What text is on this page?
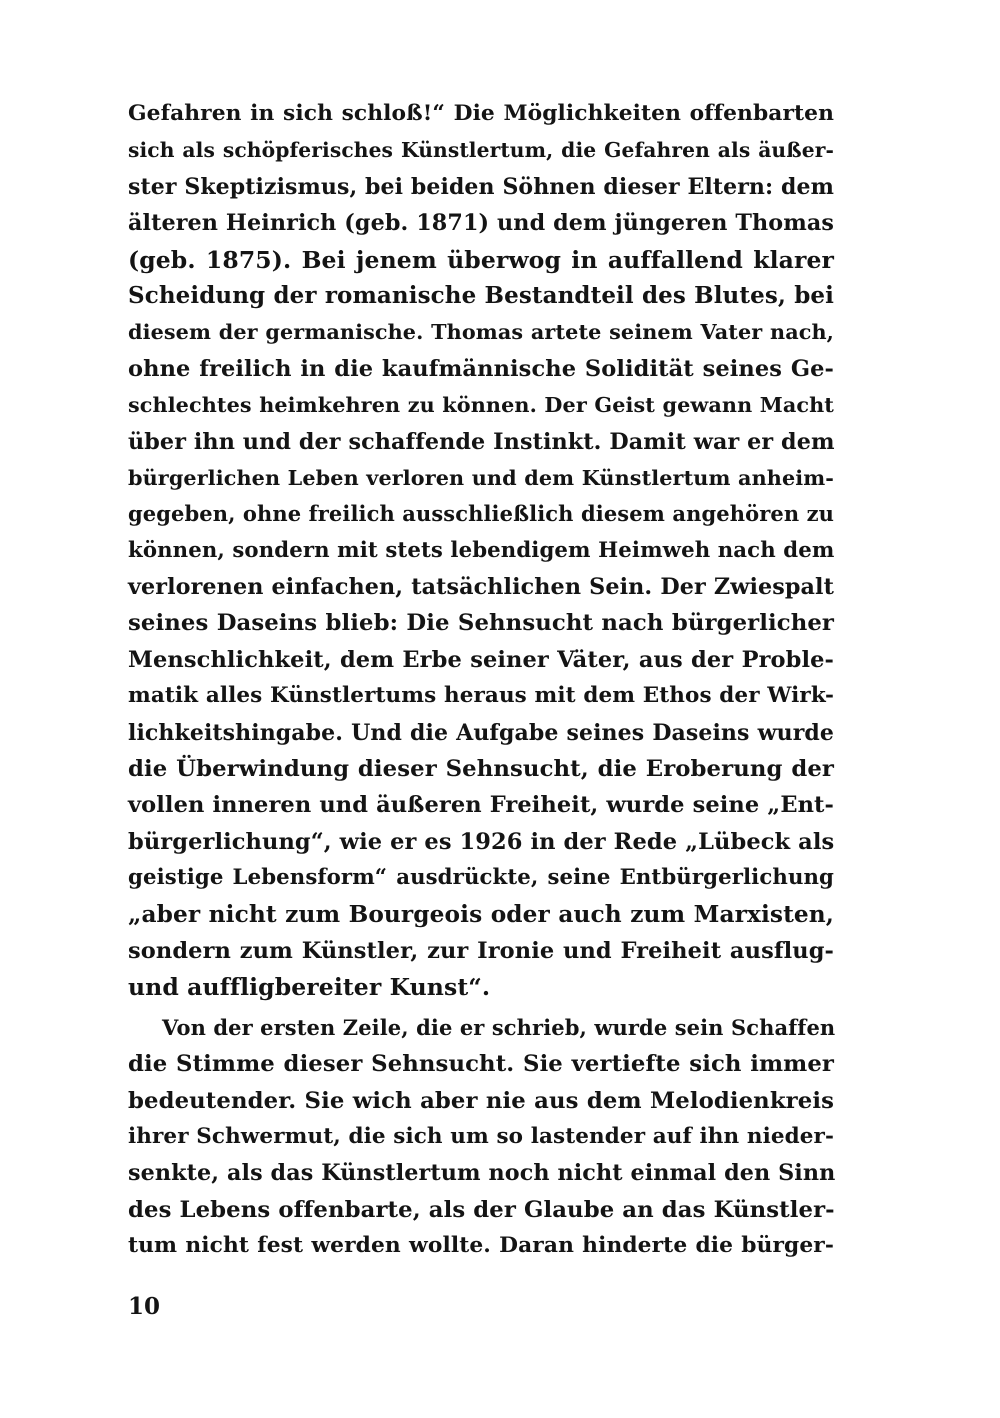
Gefahren in sich schloß!“ Die Möglichkeiten offenbarten
sich als schöpferisches Künstlertum, die Gefahren als äußer-
ster Skeptizismus, bei beiden Söhnen dieser Eltern: dem
älteren Heinrich (geb. 1871) und dem jüngeren Thomas
(geb. 1875). Bei jenem überwog in auffallend klarer
Scheidung der romanische Bestandteil des Blutes, bei
diesem der germanische. Thomas artete seinem Vater nach,
ohne freilich in die kaufmännische Solidität seines Ge-
schlechtes heimkehren zu können. Der Geist gewann Macht
über ihn und der schaffende Instinkt. Damit war er dem
bürgerlichen Leben verloren und dem Künstlertum anheim-
gegeben, ohne freilich ausschließlich diesem angehören zu
können, sondern mit stets lebendigem Heimweh nach dem
verlorenen einfachen, tatsächlichen Sein. Der Zwiespalt
seines Daseins blieb: Die Sehnsucht nach bürgerlicher
Menschlichkeit, dem Erbe seiner Väter, aus der Proble-
matik alles Künstlertums heraus mit dem Ethos der Wirk-
lichkeitshingabe. Und die Aufgabe seines Daseins wurde
die Überwindung dieser Sehnsucht, die Eroberung der
vollen inneren und äußeren Freiheit, wurde seine „Ent-
bürgerlichung“, wie er es 1926 in der Rede „Lübeck als
geistige Lebensform“ ausdrückte, seine Entbürgerlichung
„aber nicht zum Bourgeois oder auch zum Marxisten,
sondern zum Künstler, zur Ironie und Freiheit ausflug-
und auffligbereiter Kunst“.
Von der ersten Zeile, die er schrieb, wurde sein Schaffen
die Stimme dieser Sehnsucht. Sie vertiefte sich immer
bedeutender. Sie wich aber nie aus dem Melodienkreis
ihrer Schwermut, die sich um so lastender auf ihn nieder-
senkte, als das Künstlertum noch nicht einmal den Sinn
des Lebens offenbarte, als der Glaube an das Künstler-
tum nicht fest werden wollte. Daran hinderte die bürger-
10
